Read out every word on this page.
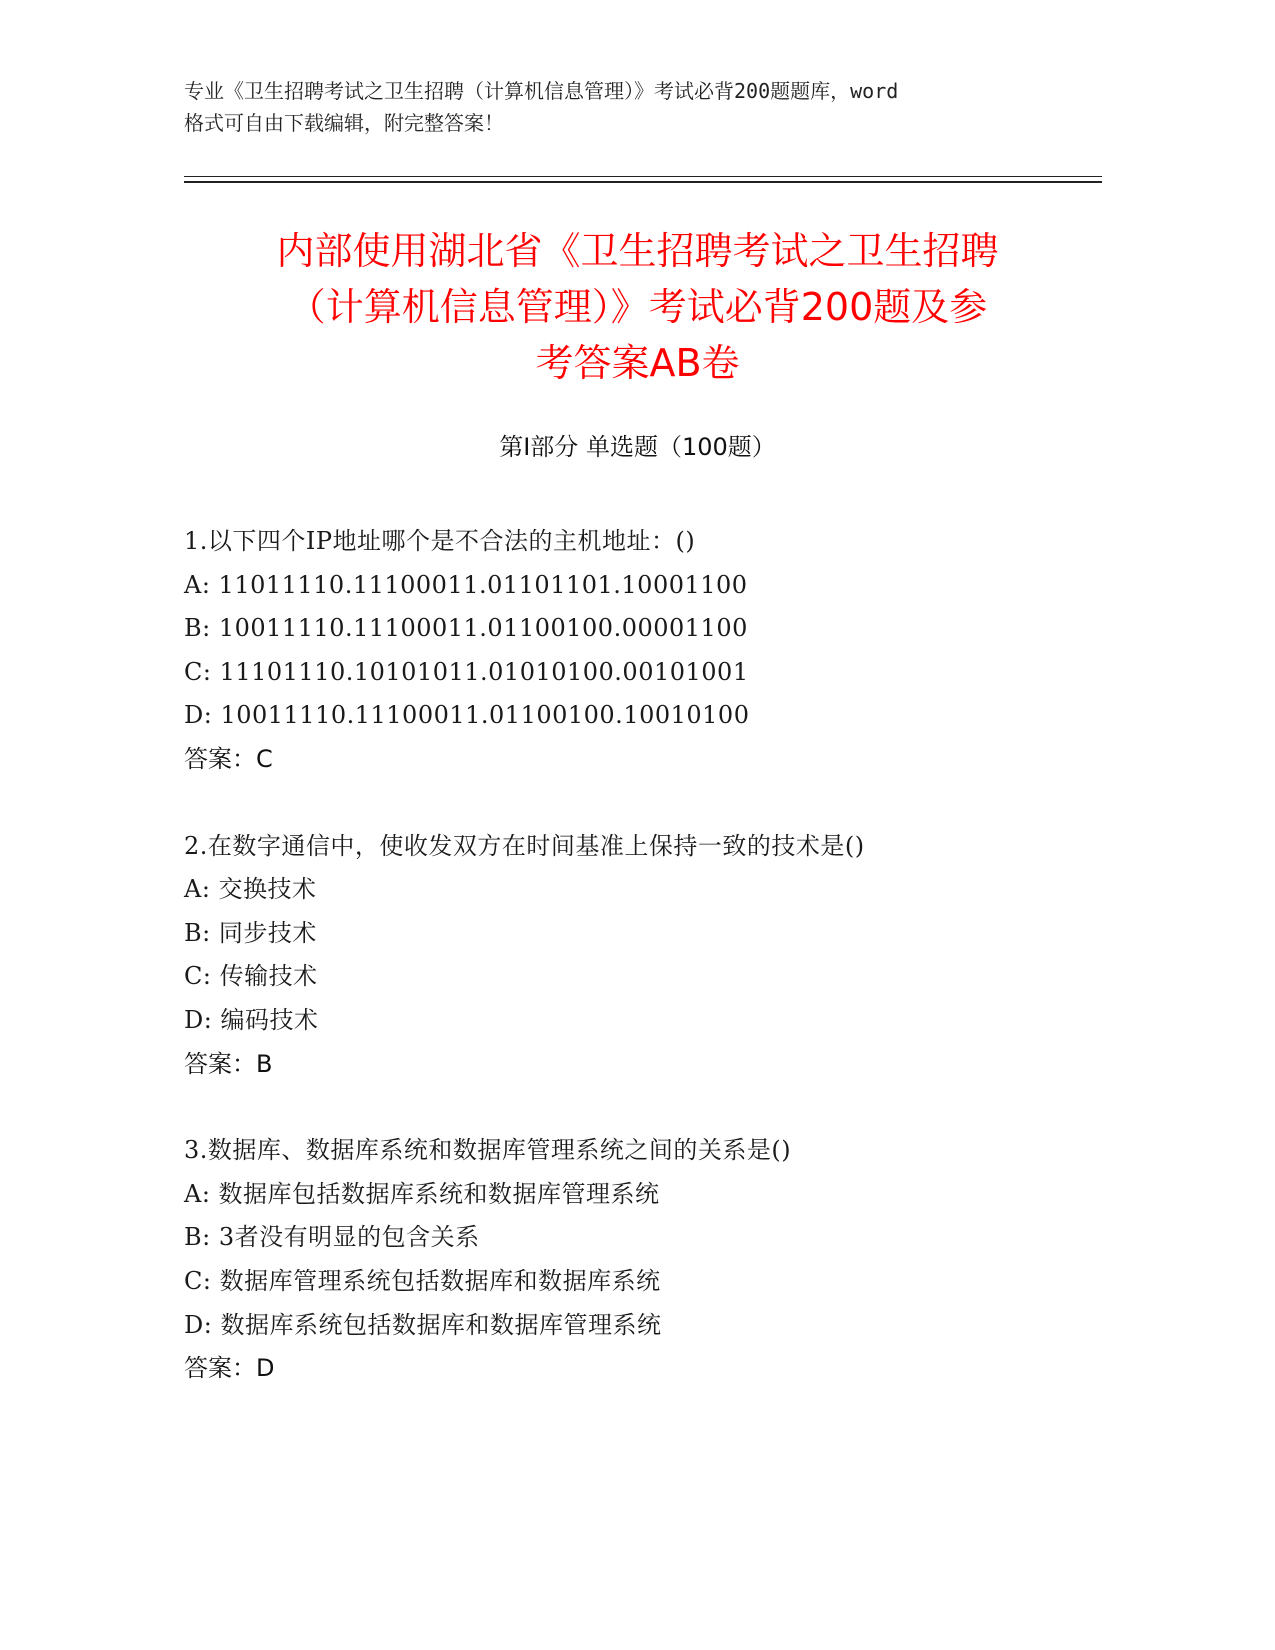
专业《卫生招聘考试之卫生招聘（计算机信息管理）》考试必背200题题库，word
格式可自由下载编辑，附完整答案！
内部使用湖北省《卫生招聘考试之卫生招聘
（计算机信息管理）》考试必背200题及参
考答案AB卷
第Ⅰ部分 单选题（100题）
1.以下四个IP地址哪个是不合法的主机地址：()
A: 11011110.11100011.01101101.10001100
B: 10011110.11100011.01100100.00001100
C: 11101110.10101011.01010100.00101001
D: 10011110.11100011.01100100.10010100
答案：C
2.在数字通信中，使收发双方在时间基准上保持一致的技术是()
A: 交换技术
B: 同步技术
C: 传输技术
D: 编码技术
答案：B
3.数据库、数据库系统和数据库管理系统之间的关系是()
A: 数据库包括数据库系统和数据库管理系统
B: 3者没有明显的包含关系
C: 数据库管理系统包括数据库和数据库系统
D: 数据库系统包括数据库和数据库管理系统
答案：D
